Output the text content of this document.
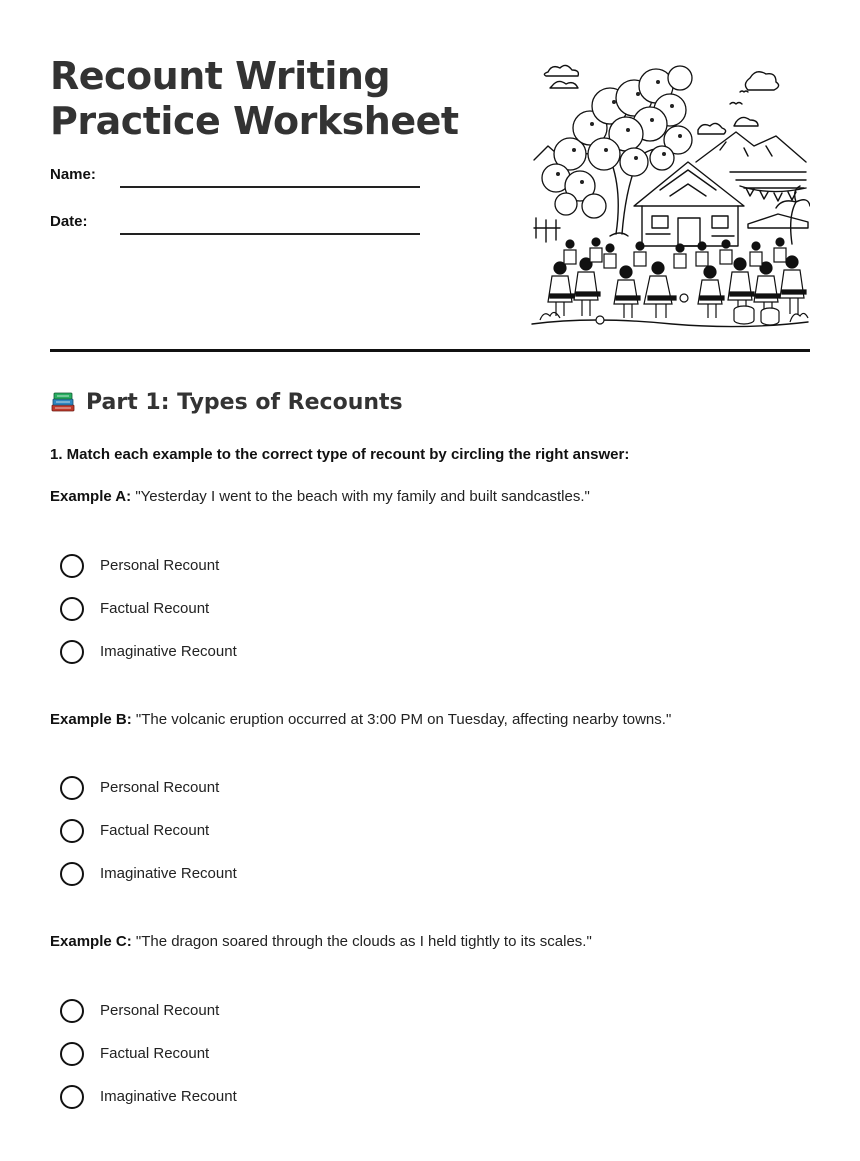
Recount Writing
Practice Worksheet
Name:
Date:
Part 1: Types of Recounts

1. Match each example to the correct type of recount by circling the right answer:

Example A: "Yesterday I went to the beach with my family and built sandcastles."

Personal Recount
Factual Recount
Imaginative Recount

Example B: "The volcanic eruption occurred at 3:00 PM on Tuesday, affecting nearby towns."

Personal Recount
Factual Recount
Imaginative Recount

Example C: "The dragon soared through the clouds as I held tightly to its scales."

Personal Recount
Factual Recount
Imaginative Recount
